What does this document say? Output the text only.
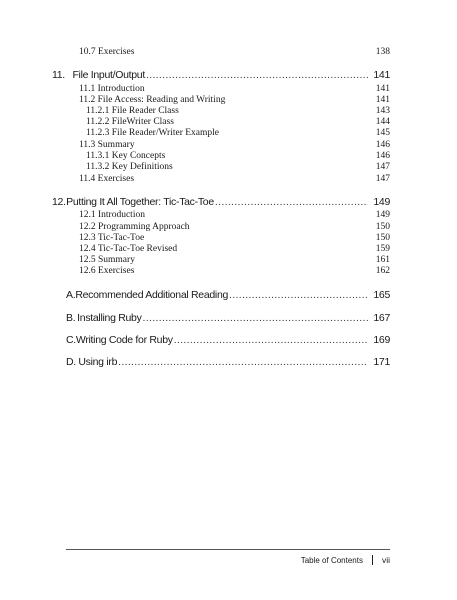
10.7 Exercises	138
11. File Input/Output . . .	141
11.1 Introduction	141
11.2 File Access: Reading and Writing	141
11.2.1 File Reader Class	143
11.2.2 FileWriter Class	144
11.2.3 File Reader/Writer Example	145
11.3 Summary	146
11.3.1 Key Concepts	146
11.3.2 Key Definitions	147
11.4 Exercises	147
12. Putting It All Together: Tic-Tac-Toe . . .	149
12.1 Introduction	149
12.2 Programming Approach	150
12.3 Tic-Tac-Toe	150
12.4 Tic-Tac-Toe Revised	159
12.5 Summary	161
12.6 Exercises	162
A. Recommended Additional Reading . . .	165
B. Installing Ruby . . .	167
C. Writing Code for Ruby . . .	169
D. Using irb . . .	171
Table of Contents vii
